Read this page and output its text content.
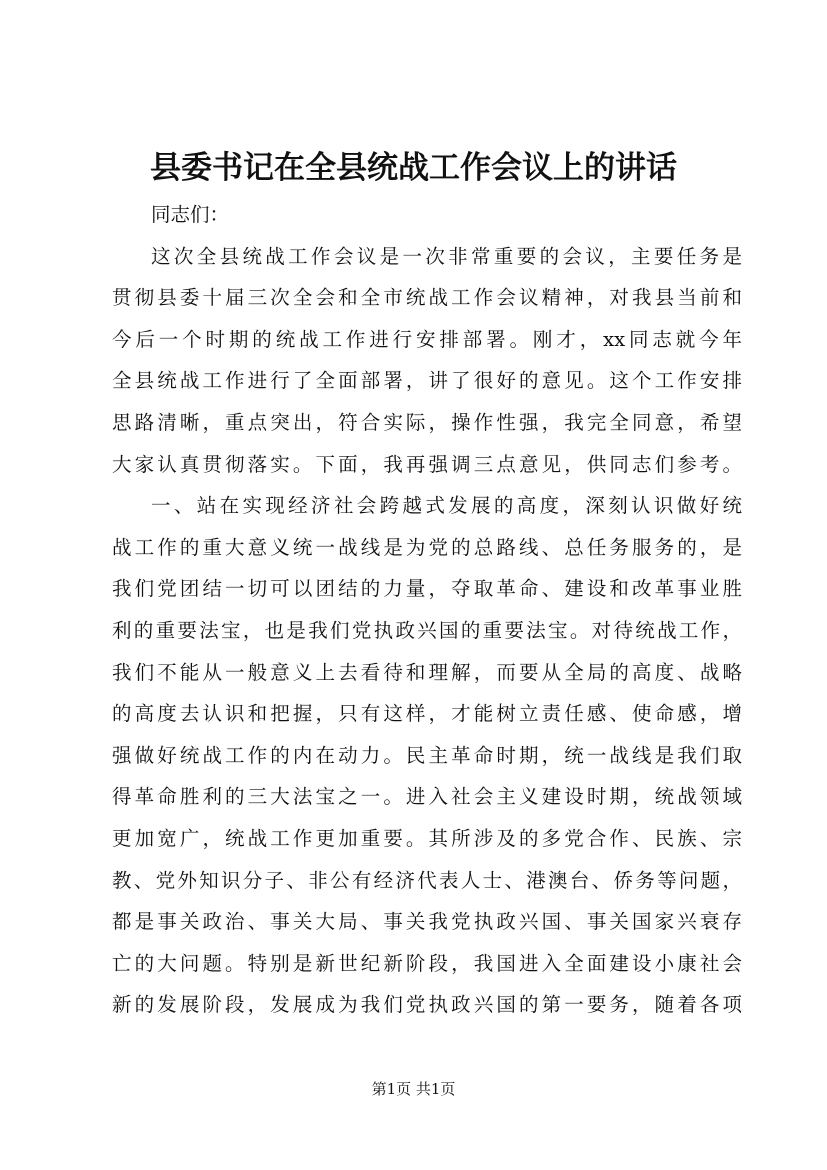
县委书记在全县统战工作会议上的讲话
同志们：
这次全县统战工作会议是一次非常重要的会议，主要任务是
贯彻县委十届三次全会和全市统战工作会议精神，对我县当前和
今后一个时期的统战工作进行安排部署。刚才，xx同志就今年
全县统战工作进行了全面部署，讲了很好的意见。这个工作安排
思路清晰，重点突出，符合实际，操作性强，我完全同意，希望
大家认真贯彻落实。下面，我再强调三点意见，供同志们参考。
一、站在实现经济社会跨越式发展的高度，深刻认识做好统
战工作的重大意义统一战线是为党的总路线、总任务服务的，是
我们党团结一切可以团结的力量，夺取革命、建设和改革事业胜
利的重要法宝，也是我们党执政兴国的重要法宝。对待统战工作，
我们不能从一般意义上去看待和理解，而要从全局的高度、战略
的高度去认识和把握，只有这样，才能树立责任感、使命感，增
强做好统战工作的内在动力。民主革命时期，统一战线是我们取
得革命胜利的三大法宝之一。进入社会主义建设时期，统战领域
更加宽广，统战工作更加重要。其所涉及的多党合作、民族、宗
教、党外知识分子、非公有经济代表人士、港澳台、侨务等问题，
都是事关政治、事关大局、事关我党执政兴国、事关国家兴衰存
亡的大问题。特别是新世纪新阶段，我国进入全面建设小康社会
新的发展阶段，发展成为我们党执政兴国的第一要务，随着各项
第1页 共1页
